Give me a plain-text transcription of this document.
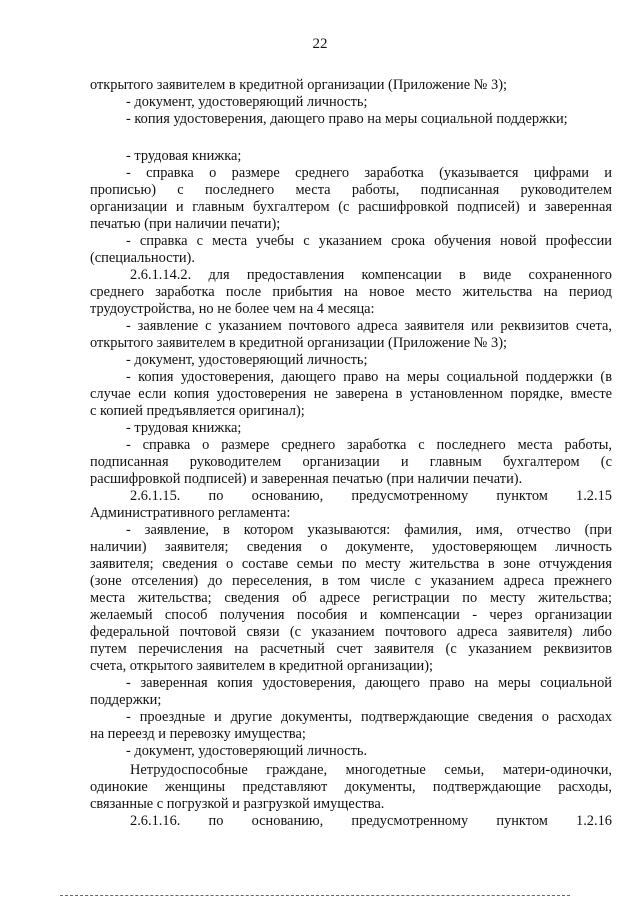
22
открытого заявителем в кредитной организации (Приложение № 3);
- документ, удостоверяющий личность;
- копия удостоверения, дающего право на меры социальной поддержки;
- трудовая книжка;
- справка о размере среднего заработка (указывается цифрами и
прописью) с последнего места работы, подписанная руководителем
организации и главным бухгалтером (с расшифровкой подписей) и заверенная
печатью (при наличии печати);
- справка с места учебы с указанием срока обучения новой профессии
(специальности).
2.6.1.14.2. для предоставления компенсации в виде сохраненного
среднего заработка после прибытия на новое место жительства на период
трудоустройства, но не более чем на 4 месяца:
- заявление с указанием почтового адреса заявителя или реквизитов счета,
открытого заявителем в кредитной организации (Приложение № 3);
- документ, удостоверяющий личность;
- копия удостоверения, дающего право на меры социальной поддержки (в
случае если копия удостоверения не заверена в установленном порядке, вместе
с копией предъявляется оригинал);
- трудовая книжка;
- справка о размере среднего заработка с последнего места работы,
подписанная руководителем организации и главным бухгалтером (с
расшифровкой подписей) и заверенная печатью (при наличии печати).
2.6.1.15. по основанию, предусмотренному пунктом 1.2.15
Административного регламента:
- заявление, в котором указываются: фамилия, имя, отчество (при
наличии) заявителя; сведения о документе, удостоверяющем личность
заявителя; сведения о составе семьи по месту жительства в зоне отчуждения
(зоне отселения) до переселения, в том числе с указанием адреса прежнего
места жительства; сведения об адресе регистрации по месту жительства;
желаемый способ получения пособия и компенсации - через организации
федеральной почтовой связи (с указанием почтового адреса заявителя) либо
путем перечисления на расчетный счет заявителя (с указанием реквизитов
счета, открытого заявителем в кредитной организации);
- заверенная копия удостоверения, дающего право на меры социальной
поддержки;
- проездные и другие документы, подтверждающие сведения о расходах
на переезд и перевозку имущества;
- документ, удостоверяющий личность.
Нетрудоспособные граждане, многодетные семьи, матери-одиночки,
одинокие женщины представляют документы, подтверждающие расходы,
связанные с погрузкой и разгрузкой имущества.
2.6.1.16. по основанию, предусмотренному пунктом 1.2.16
